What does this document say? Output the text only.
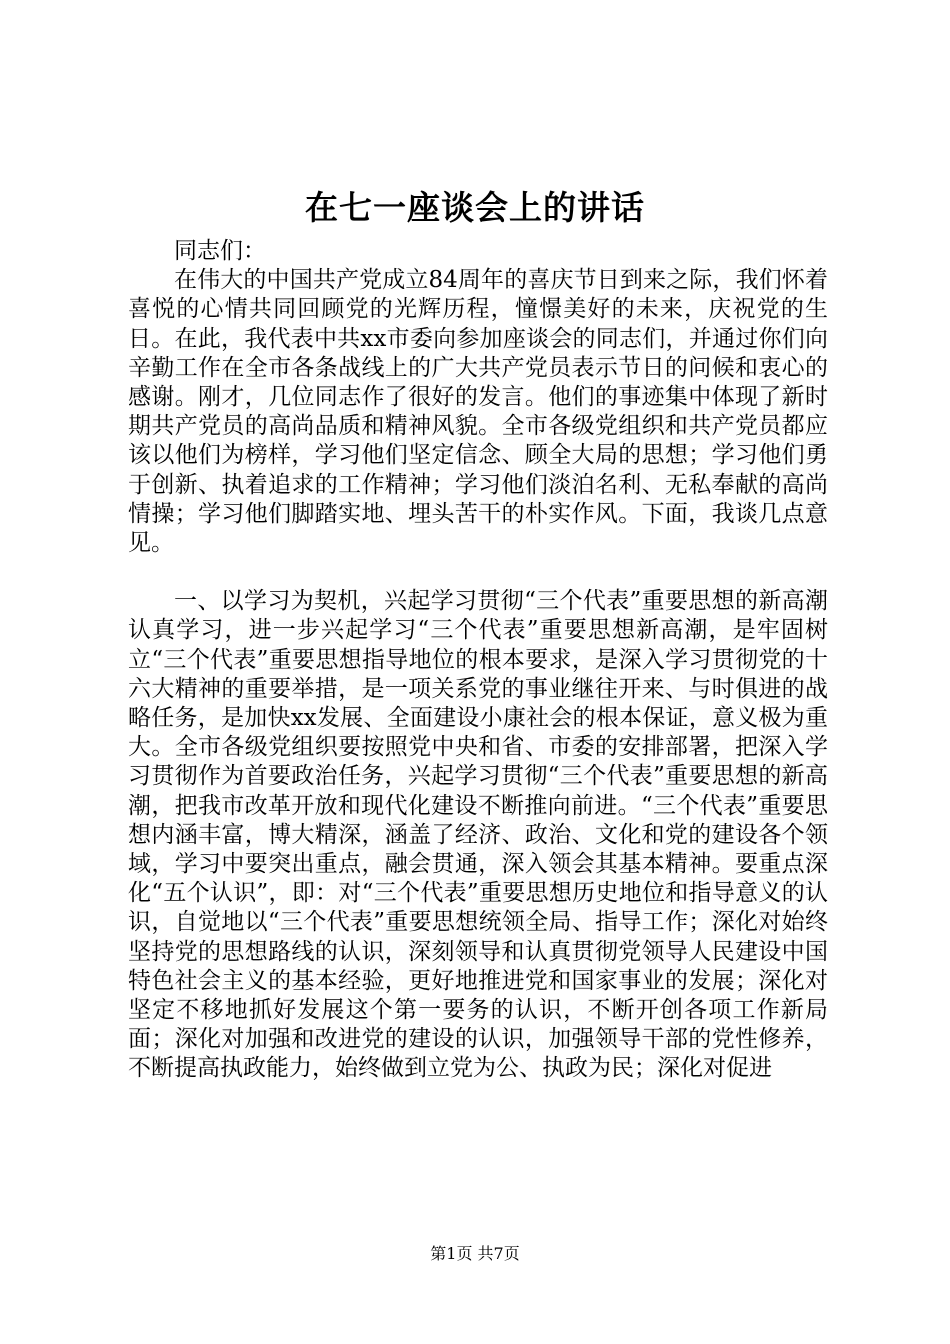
在七一座谈会上的讲话

同志们：

在伟大的中国共产党成立84周年的喜庆节日到来之际，我们怀着喜悦的心情共同回顾党的光辉历程，憧憬美好的未来，庆祝党的生日。在此，我代表中共xx市委向参加座谈会的同志们，并通过你们向辛勤工作在全市各条战线上的广大共产党员表示节日的问候和衷心的感谢。刚才，几位同志作了很好的发言。他们的事迹集中体现了新时期共产党员的高尚品质和精神风貌。全市各级党组织和共产党员都应该以他们为榜样，学习他们坚定信念、顾全大局的思想；学习他们勇于创新、执着追求的工作精神；学习他们淡泊名利、无私奉献的高尚情操；学习他们脚踏实地、埋头苦干的朴实作风。下面，我谈几点意见。

一、以学习为契机，兴起学习贯彻“三个代表”重要思想的新高潮认真学习，进一步兴起学习“三个代表”重要思想新高潮，是牢固树立“三个代表”重要思想指导地位的根本要求，是深入学习贯彻党的十六大精神的重要举措，是一项关系党的事业继往开来、与时俱进的战略任务，是加快xx发展、全面建设小康社会的根本保证，意义极为重大。全市各级党组织要按照党中央和省、市委的安排部署，把深入学习贯彻作为首要政治任务，兴起学习贯彻“三个代表”重要思想的新高潮，把我市改革开放和现代化建设不断推向前进。“三个代表”重要思想内涵丰富，博大精深，涵盖了经济、政治、文化和党的建设各个领域，学习中要突出重点，融会贯通，深入领会其基本精神。要重点深化“五个认识”，即：对“三个代表”重要思想历史地位和指导意义的认识，自觉地以“三个代表”重要思想统领全局、指导工作；深化对始终坚持党的思想路线的认识，深刻领导和认真贯彻党领导人民建设中国特色社会主义的基本经验，更好地推进党和国家事业的发展；深化对坚定不移地抓好发展这个第一要务的认识，不断开创各项工作新局面；深化对加强和改进党的建设的认识，加强领导干部的党性修养，不断提高执政能力，始终做到立党为公、执政为民；深化对促进

第1页 共7页
